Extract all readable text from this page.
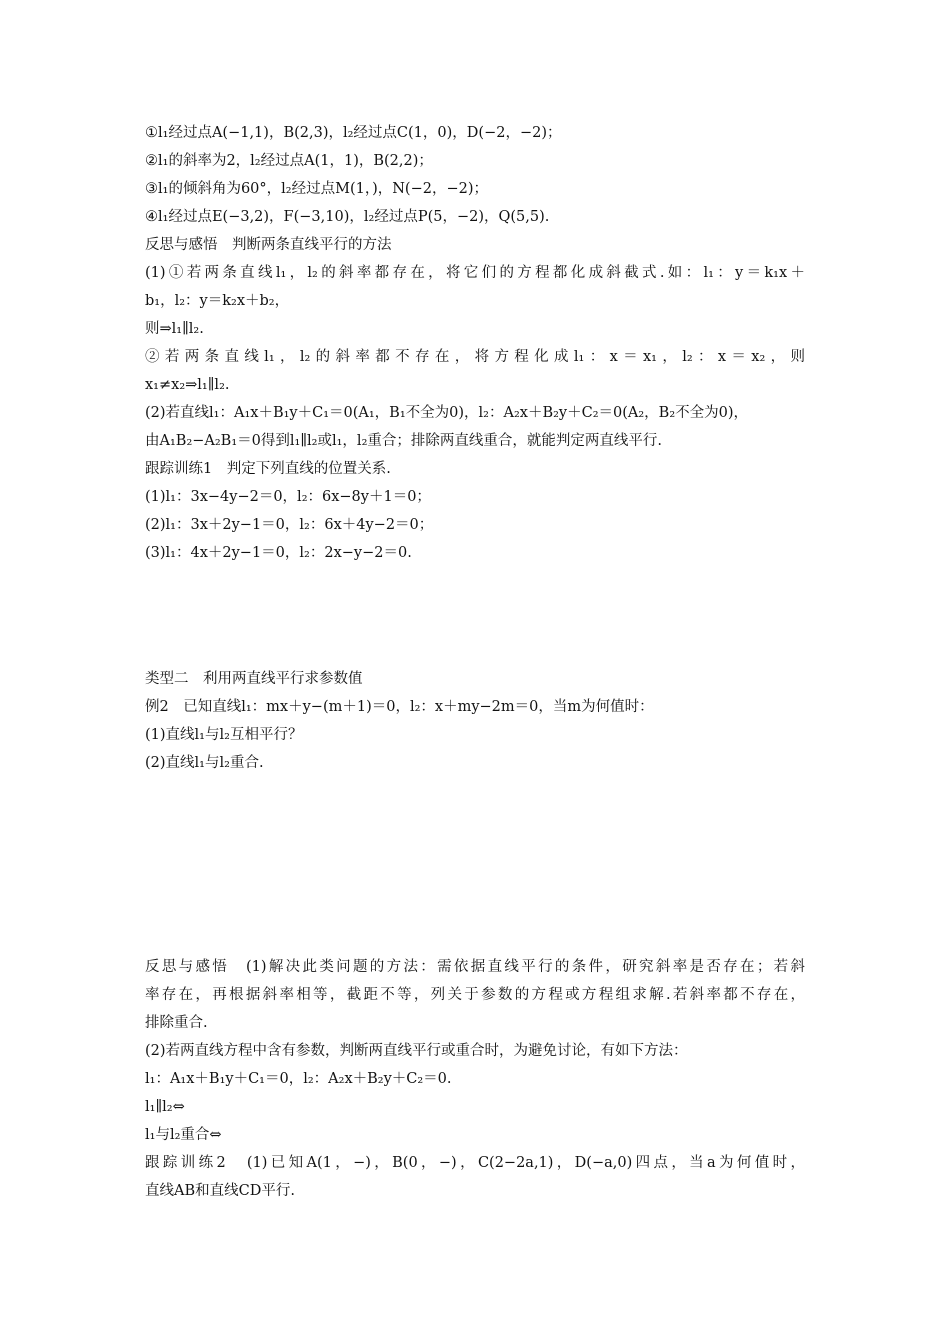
①l₁经过点A(−1,1)，B(2,3)，l₂经过点C(1，0)，D(−2，−2)；
②l₁的斜率为2，l₂经过点A(1，1)，B(2,2)；
③l₁的倾斜角为60°，l₂经过点M(1，)，N(−2，−2)；
④l₁经过点E(−3,2)，F(−3,10)，l₂经过点P(5，−2)，Q(5,5).
反思与感悟　判断两条直线平行的方法
(1)①若两条直线l₁，l₂的斜率都存在，将它们的方程都化成斜截式.如：l₁：y＝k₁x＋
b₁，l₂：y＝k₂x＋b₂，
则⇒l₁∥l₂.
②若两条直线l₁，l₂的斜率都不存在，将方程化成l₁：x＝x₁，l₂：x＝x₂，则
x₁≠x₂⇒l₁∥l₂.
(2)若直线l₁：A₁x＋B₁y＋C₁＝0(A₁，B₁不全为0)，l₂：A₂x＋B₂y＋C₂＝0(A₂，B₂不全为0)，
由A₁B₂−A₂B₁＝0得到l₁∥l₂或l₁，l₂重合；排除两直线重合，就能判定两直线平行.
跟踪训练1　判定下列直线的位置关系.
(1)l₁：3x−4y−2＝0，l₂：6x−8y＋1＝0；
(2)l₁：3x＋2y−1＝0，l₂：6x＋4y−2＝0；
(3)l₁：4x＋2y−1＝0，l₂：2x−y−2＝0.
类型二　利用两直线平行求参数值
例2　已知直线l₁：mx＋y−(m＋1)＝0，l₂：x＋my−2m＝0，当m为何值时：
(1)直线l₁与l₂互相平行？
(2)直线l₁与l₂重合.
反思与感悟　(1)解决此类问题的方法：需依据直线平行的条件，研究斜率是否存在；若斜
率存在，再根据斜率相等，截距不等，列关于参数的方程或方程组求解.若斜率都不存在，
排除重合.
(2)若两直线方程中含有参数，判断两直线平行或重合时，为避免讨论，有如下方法：
l₁：A₁x＋B₁y＋C₁＝0，l₂：A₂x＋B₂y＋C₂＝0.
l₁∥l₂⇔
l₁与l₂重合⇔
跟踪训练2　(1)已知A(1，−)，B(0，−)，C(2−2a,1)，D(−a,0)四点，当a为何值时，
直线AB和直线CD平行.
